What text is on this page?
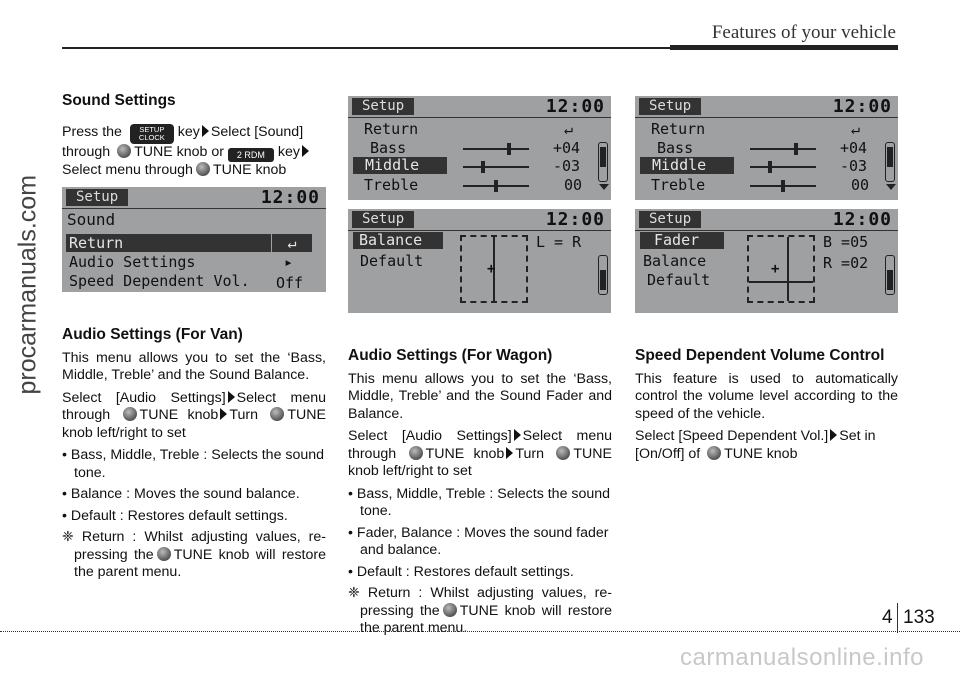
Features of your vehicle
procarmanuals.com

Sound Settings

Press the SETUP
CLOCK key Select [Sound] through TUNE knob or 2 RDM key
Select menu through TUNE knob

Setup	12:00
Sound
Return	↵
Audio Settings	▸
Speed Dependent Vol. Off

Audio Settings (For Van)

This menu allows you to set the ‘Bass, Middle, Treble’ and the Sound Balance.

Select [Audio Settings] Select menu through TUNE knob Turn TUNE knob left/right to set

• Bass, Middle, Treble : Selects the sound tone.

• Balance : Moves the sound balance.

• Default : Restores default settings.

❈ Return : Whilst adjusting values, re-pressing the TUNE knob will restore the parent menu.

Setup	12:00
Return	↵
Bass	+04
Middle	-03
Treble	00
Setup	12:00
Balance
Default	+
L = R

Audio Settings (For Wagon)

This menu allows you to set the ‘Bass, Middle, Treble’ and the Sound Fader and Balance.

Select [Audio Settings] Select menu through TUNE knob Turn TUNE knob left/right to set

• Bass, Middle, Treble : Selects the sound tone.

• Fader, Balance : Moves the sound fader and balance.

• Default : Restores default settings.

❈ Return : Whilst adjusting values, re-pressing the TUNE knob will restore the parent menu.

Setup	12:00
Return	↵
Bass	+04
Middle	-03
Treble	00
Setup	12:00
Fader
Balance
Default
+
B =05
R =02

Speed Dependent Volume Control

This feature is used to automatically control the volume level according to the speed of the vehicle.

Select [Speed Dependent Vol.] Set in [On/Off] of TUNE knob

4 133
carmanualsonline.info
